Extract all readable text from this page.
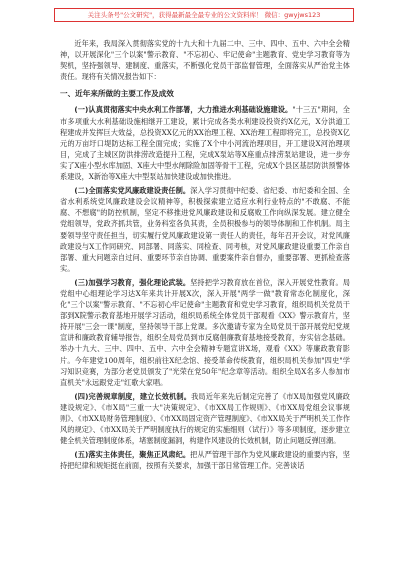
关注头条号"公文研究"，获得最新最全最专业的公文资料库！ 微信：gwyjws123

近年来，我局深入贯彻落实党的十九大和十九届二中、三中、四中、五中、六中全会精神，以开展深化"三个以案"警示教育、"不忘初心、牢记使命"主题教育、党史学习教育等为契机，坚持强领导、建制度、重落实，不断强化党员干部监督管理，全面落实从严治党主体责任。现将有关情况报告如下：

一、近年来所做的主要工作及成效

(一)认真贯彻落实中央水利工作部署，大力推进水利基础设施建设。"十三五"期间，全市多项重大水利基础设施相继开工建设，累计完成各类水利建设投资约X亿元，X分洪道工程建成并发挥巨大效益，总投资XX亿元的XX治理工程、XX治理工程即将完工，总投资X亿元的万亩圩口堤防达标工程全面完成；实施了X个中小河流治理项目，开工建设X河治理项目，完成了主城区防洪排涝改造提升工程，完成X泵站等X座重点排涝泵站建设，进一步夯实了X座小型水库加固、X座大中型水闸除险加固等骨干工程，完成X个县区基层防洪预警体系建设，X新治等X座大中型泵站加快建设或加快推进。

(二)全面落实党风廉政建设责任制。深入学习贯彻中纪委、省纪委、市纪委和全国、全省水利系统党风廉政建设会议精神等，积极探索建立适应水利行业特点的"不敢腐、不能腐、不想腐"的防控机制，坚定不移推进党风廉政建设和反腐败工作向纵深发展。建立健全党组领导，党政齐抓共管，业务科室各负其责，全员积极参与的领导体制和工作机制。局主要领导坚守责任担当，切实履行党风廉政建设第一责任人的责任，每年召开会议，对党风廉政建设与X工作同研究、同部署、同落实、同检查、同考核，对党风廉政建设重要工作亲自部署、重大问题亲自过问、重要环节亲自协调、重要案件亲自督办，重要部署、更抓检查落实。

(三)加强学习教育，强化理论武装。坚持把学习教育放在首位，深入开展党性教育。局党组中心组理论学习达X年来共计开展X次，深入开展"两学一做"教育常态化制度化，深化"三个以案"警示教育、"不忘初心牢记使命"主题教育和党史学习教育，组织局机关党员干部到X院警示教育基地开展学习活动，组织局系统全体党员干部观看《XX》警示教育片，坚持开展"三会一课"制度，坚持领导干部上党课。多次邀请专家为全局党员干部开展党纪党规宣讲和廉政教育辅导报告，组织全局党员到市反腐倡廉教育基地接受教育，夯实信念基础。举办十九大、三中、四中、五中、六中全会精神专题宣讲X场，观看《XX》等廉政教育影片。今年建党100周年，组织前往X纪念馆、接受革命传统教育，组织局机关参加"四史"学习知识竞赛，为部分老党员颁发了"光荣在党50年"纪念章等活动。组织全局X名多人参加市直机关"永远跟党走"红歌大家唱。

(四)完善规章制度，建立长效机制。我局近年来先后制定完善了《市X局加强党风廉政建设规定》、《市X局"三重一大"决策规定》、《市XX局工作规则》、《市XX局党组会议事规则》、《市XX局财务管理制度》、《市XX局固定资产管理制度》、《市XX局关于严明机关工作作风的规定》、《市XX局关于严明制度执行的规定的实施细则（试行）》等多项制度，逐步建立健全机关管理制度体系，堵塞制度漏洞，构建作风建设的长效机制，防止问题反弹回潮。

(五)落实主体责任，聚焦正风肃纪。把从严管理干部作为党风廉政建设的重要内容，坚持把纪律和规矩挺在前面，按照有关要求，加强干部日常管理工作。完善谈话
